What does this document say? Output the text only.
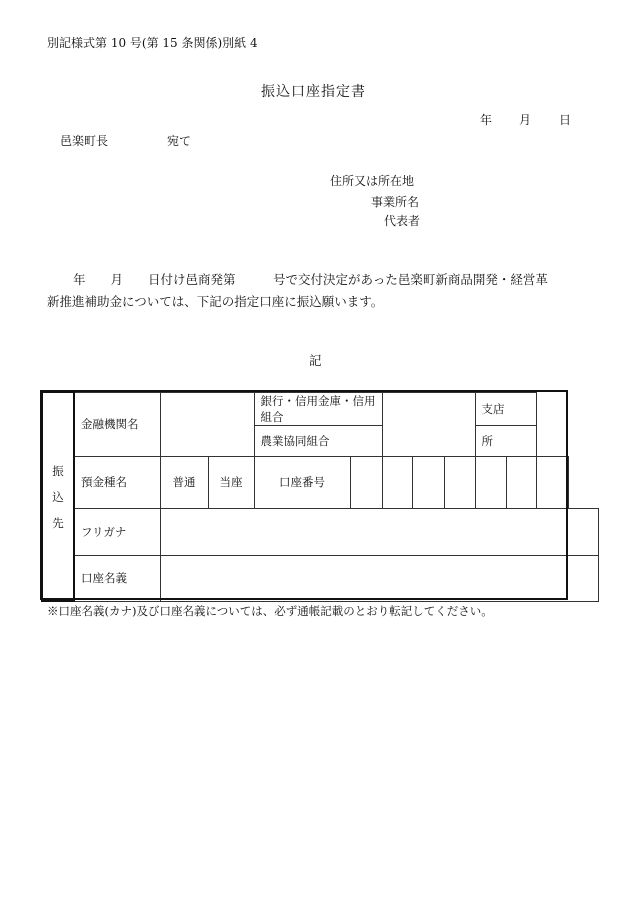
別記様式第 10 号(第 15 条関係)別紙 4
振込口座指定書
年 月 日
邑楽町長	宛て
住所又は所在地
事業所名
代表者
年　　月　　日付け邑商発第　　　号で交付決定があった邑楽町新商品開発・経営革
新推進補助金については、下記の指定口座に振込願います。
記
振
込
先	金融機関名			銀行・信用金庫・信用組合					支店		
				農業協同組合					所		
	預金種名	普通	当座	口座番号							
	フリガナ										
	口座名義										
※口座名義(カナ)及び口座名義については、必ず通帳記載のとおり転記してください。
